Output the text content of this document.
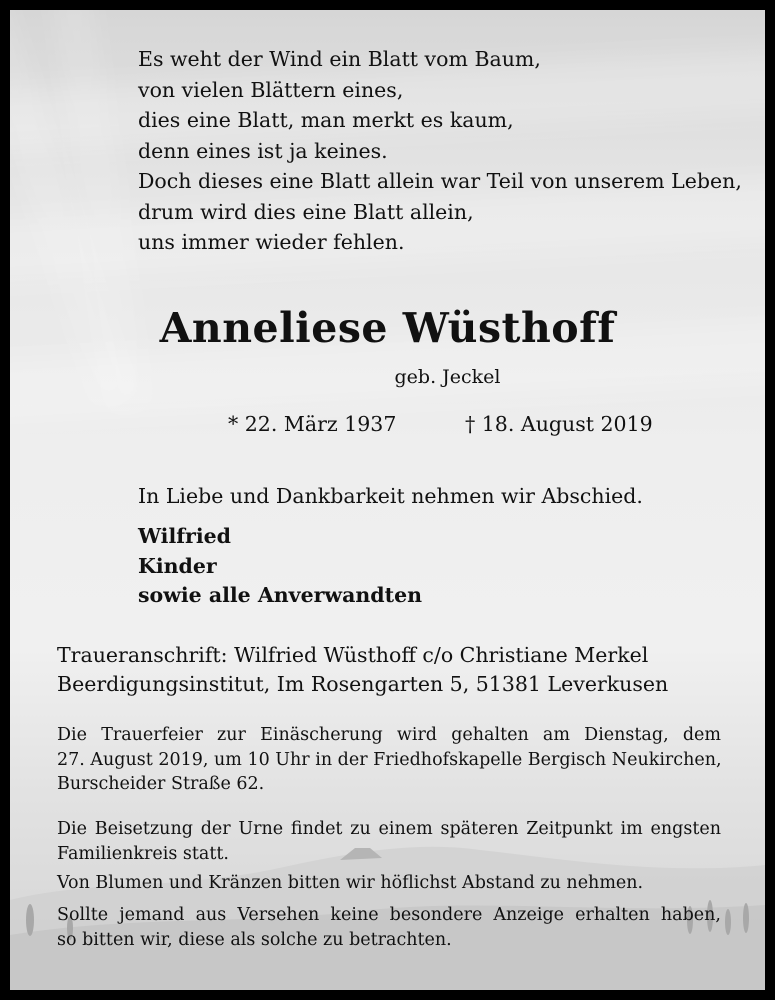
Es weht der Wind ein Blatt vom Baum,
von vielen Blättern eines,
dies eine Blatt, man merkt es kaum,
denn eines ist ja keines.
Doch dieses eine Blatt allein war Teil von unserem Leben,
drum wird dies eine Blatt allein,
uns immer wieder fehlen.
Anneliese Wüsthoff
geb. Jeckel
* 22. März 1937	† 18. August 2019
In Liebe und Dankbarkeit nehmen wir Abschied.
Wilfried
Kinder
sowie alle Anverwandten
Traueranschrift: Wilfried Wüsthoff c/o Christiane Merkel
Beerdigungsinstitut, Im Rosengarten 5, 51381 Leverkusen
Die Trauerfeier zur Einäscherung wird gehalten am Dienstag, dem
27. August 2019, um 10 Uhr in der Friedhofskapelle Bergisch Neukirchen,
Burscheider Straße 62.
Die Beisetzung der Urne findet zu einem späteren Zeitpunkt im engsten
Familienkreis statt.
Von Blumen und Kränzen bitten wir höflichst Abstand zu nehmen.
Sollte jemand aus Versehen keine besondere Anzeige erhalten haben,
so bitten wir, diese als solche zu betrachten.
